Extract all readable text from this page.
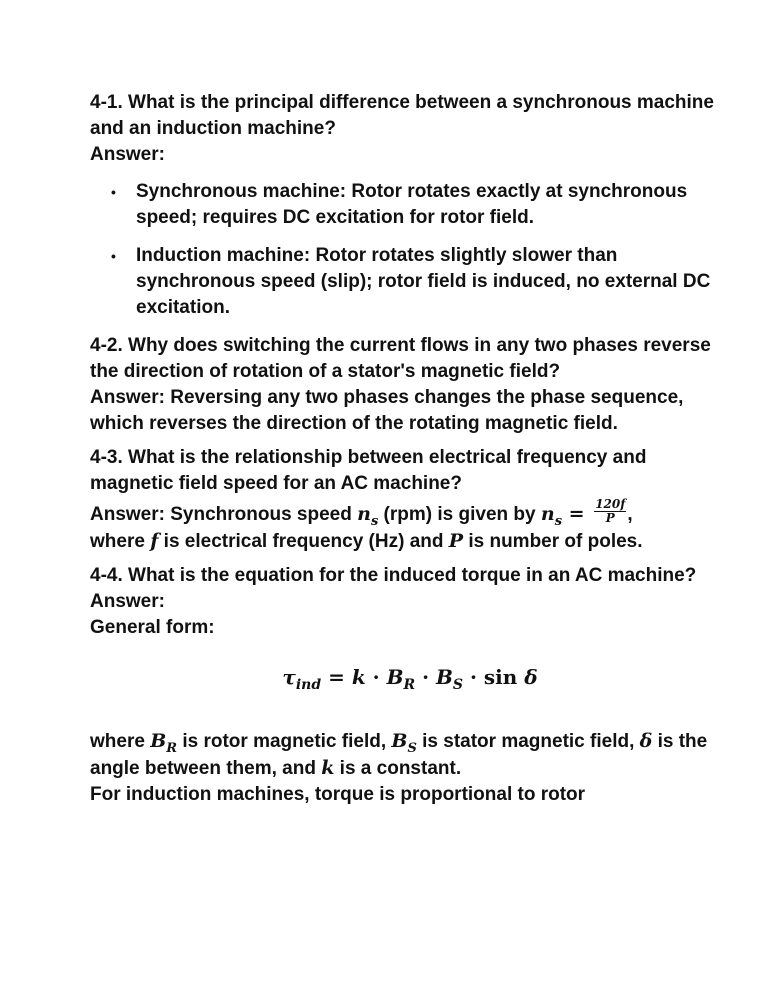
4-1. What is the principal difference between a synchronous machine and an induction machine?

Answer:

• Synchronous machine: Rotor rotates exactly at synchronous speed; requires DC excitation for rotor field.
• Induction machine: Rotor rotates slightly slower than synchronous speed (slip); rotor field is induced, no external DC excitation.

4-2. Why does switching the current flows in any two phases reverse the direction of rotation of a stator's magnetic field?

Answer: Reversing any two phases changes the phase sequence, which reverses the direction of the rotating magnetic field.

4-3. What is the relationship between electrical frequency and magnetic field speed for an AC machine?

Answer: Synchronous speed $n_s$ (rpm) is given by $n_s = \frac{120f}{P}$ ,

where f is electrical frequency (Hz) and P is number of poles.

4-4. What is the equation for the induced torque in an AC machine?

Answer:

General form:

$\tau_{ind} = k \cdot B_R \cdot B_S \cdot \sin \delta$

where $B_R$ is rotor magnetic field, $B_S$ is stator magnetic field, δ is the angle between them, and k is a constant.

For induction machines, torque is proportional to rotor
